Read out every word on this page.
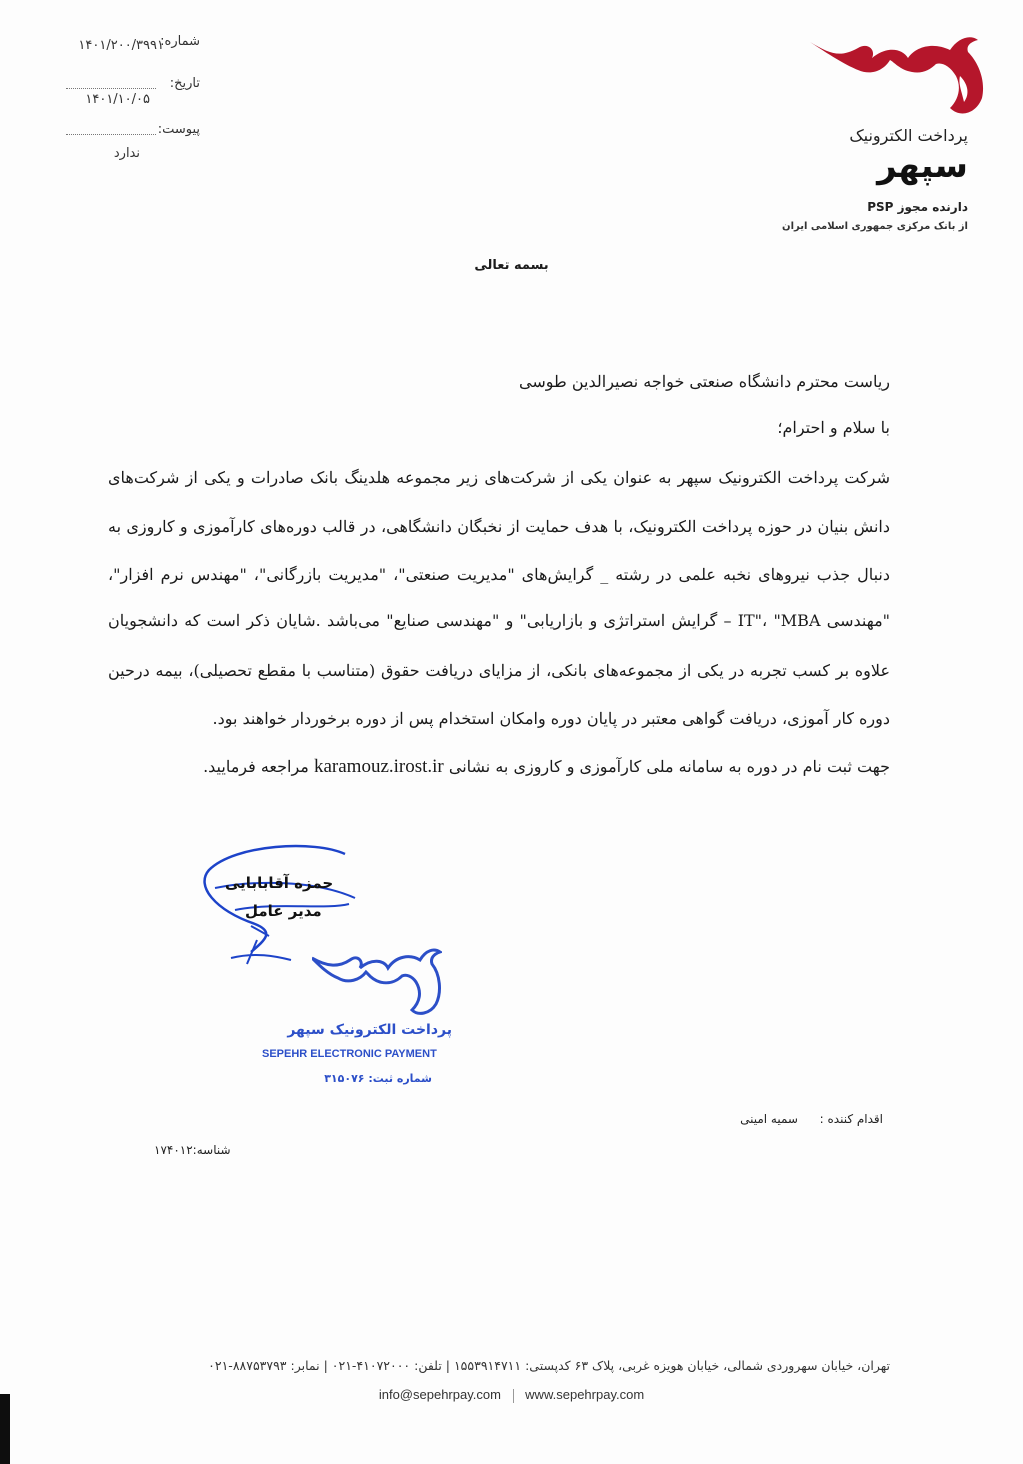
شماره:
۱۴۰۱/۲۰۰/۳۹۹۱
تاریخ:
۱۴۰۱/۱۰/۰۵
پیوست:
ندارد
پرداخت الکترونیک
سپهر
دارنده مجوز PSP
از بانک مرکزی جمهوری اسلامی ایران
بسمه تعالی
ریاست محترم دانشگاه صنعتی خواجه نصیرالدین طوسی
با سلام و احترام؛
شرکت پرداخت الکترونیک سپهر به عنوان یکی از شرکت‌های زیر مجموعه هلدینگ بانک صادرات و یکی از شرکت‌های
دانش بنیان در حوزه پرداخت الکترونیک، با هدف حمایت از نخبگان دانشگاهی، در قالب دوره‌های کارآموزی و کاروزی به
دنبال جذب نیروهای نخبه علمی در رشته _ گرایش‌های "مدیریت صنعتی"، "مدیریت بازرگانی"، "مهندس نرم افزار"،
"مهندسی IT"، "MBA – گرایش استراتژی و بازاریابی" و "مهندسی صنایع" می‌باشد .شایان ذکر است که دانشجویان
علاوه بر کسب تجربه در یکی از مجموعه‌های بانکی، از مزایای دریافت حقوق (متناسب با مقطع تحصیلی)، بیمه درحین
دوره کار آموزی، دریافت گواهی معتبر در پایان دوره وامکان استخدام پس از دوره برخوردار خواهند بود.
جهت ثبت نام در دوره به سامانه ملی کارآموزی و کاروزی به نشانی karamouz.irost.ir مراجعه فرمایید.
حمزه آقابابایی
مدیر عامل
پرداخت الکترونیک سپهر
SEPEHR ELECTRONIC PAYMENT
شماره ثبت: ۳۱۵۰۷۶
اقدام کننده :  سمیه امینی
شناسه:۱۷۴۰۱۲
تهران، خیابان سهروردی شمالی، خیابان هویزه غربی، پلاک ۶۳ کدپستی: ۱۵۵۳۹۱۴۷۱۱ | تلفن: ۴۱۰۷۲۰۰۰-۰۲۱ | نمابر: ۸۸۷۵۳۷۹۳-۰۲۱
info@sepehrpay.com www.sepehrpay.com
